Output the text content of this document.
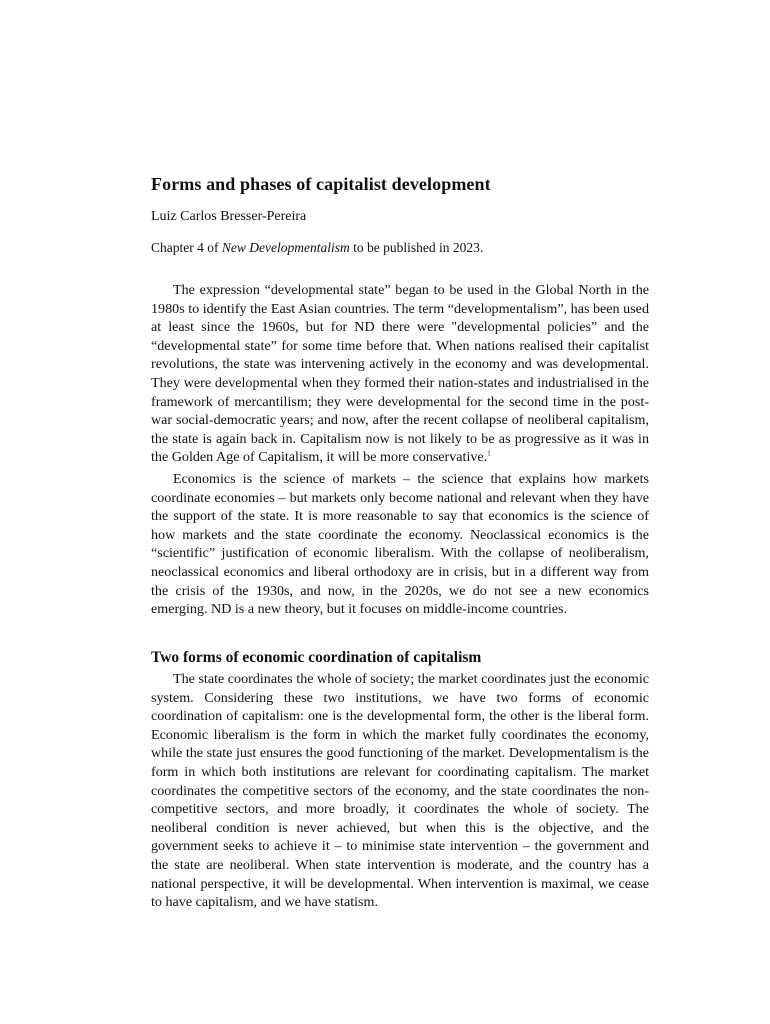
Forms and phases of capitalist development
Luiz Carlos Bresser-Pereira
Chapter 4 of New Developmentalism to be published in 2023.

The expression “developmental state” began to be used in the Global North in the 1980s to identify the East Asian countries. The term “developmentalism”, has been used at least since the 1960s, but for ND there were "developmental policies” and the “developmental state” for some time before that. When nations realised their capitalist revolutions, the state was intervening actively in the economy and was developmental. They were developmental when they formed their nation-states and industrialised in the framework of mercantilism; they were developmental for the second time in the post-war social-democratic years; and now, after the recent collapse of neoliberal capitalism, the state is again back in. Capitalism now is not likely to be as progressive as it was in the Golden Age of Capitalism, it will be more conservative.$^1$

Economics is the science of markets – the science that explains how markets coordinate economies – but markets only become national and relevant when they have the support of the state. It is more reasonable to say that economics is the science of how markets and the state coordinate the economy. Neoclassical economics is the “scientific” justification of economic liberalism. With the collapse of neoliberalism, neoclassical economics and liberal orthodoxy are in crisis, but in a different way from the crisis of the 1930s, and now, in the 2020s, we do not see a new economics emerging. ND is a new theory, but it focuses on middle-income countries.

Two forms of economic coordination of capitalism

The state coordinates the whole of society; the market coordinates just the economic system. Considering these two institutions, we have two forms of economic coordination of capitalism: one is the developmental form, the other is the liberal form. Economic liberalism is the form in which the market fully coordinates the economy, while the state just ensures the good functioning of the market. Developmentalism is the form in which both institutions are relevant for coordinating capitalism. The market coordinates the competitive sectors of the economy, and the state coordinates the non-competitive sectors, and more broadly, it coordinates the whole of society. The neoliberal condition is never achieved, but when this is the objective, and the government seeks to achieve it – to minimise state intervention – the government and the state are neoliberal. When state intervention is moderate, and the country has a national perspective, it will be developmental. When intervention is maximal, we cease to have capitalism, and we have statism.
